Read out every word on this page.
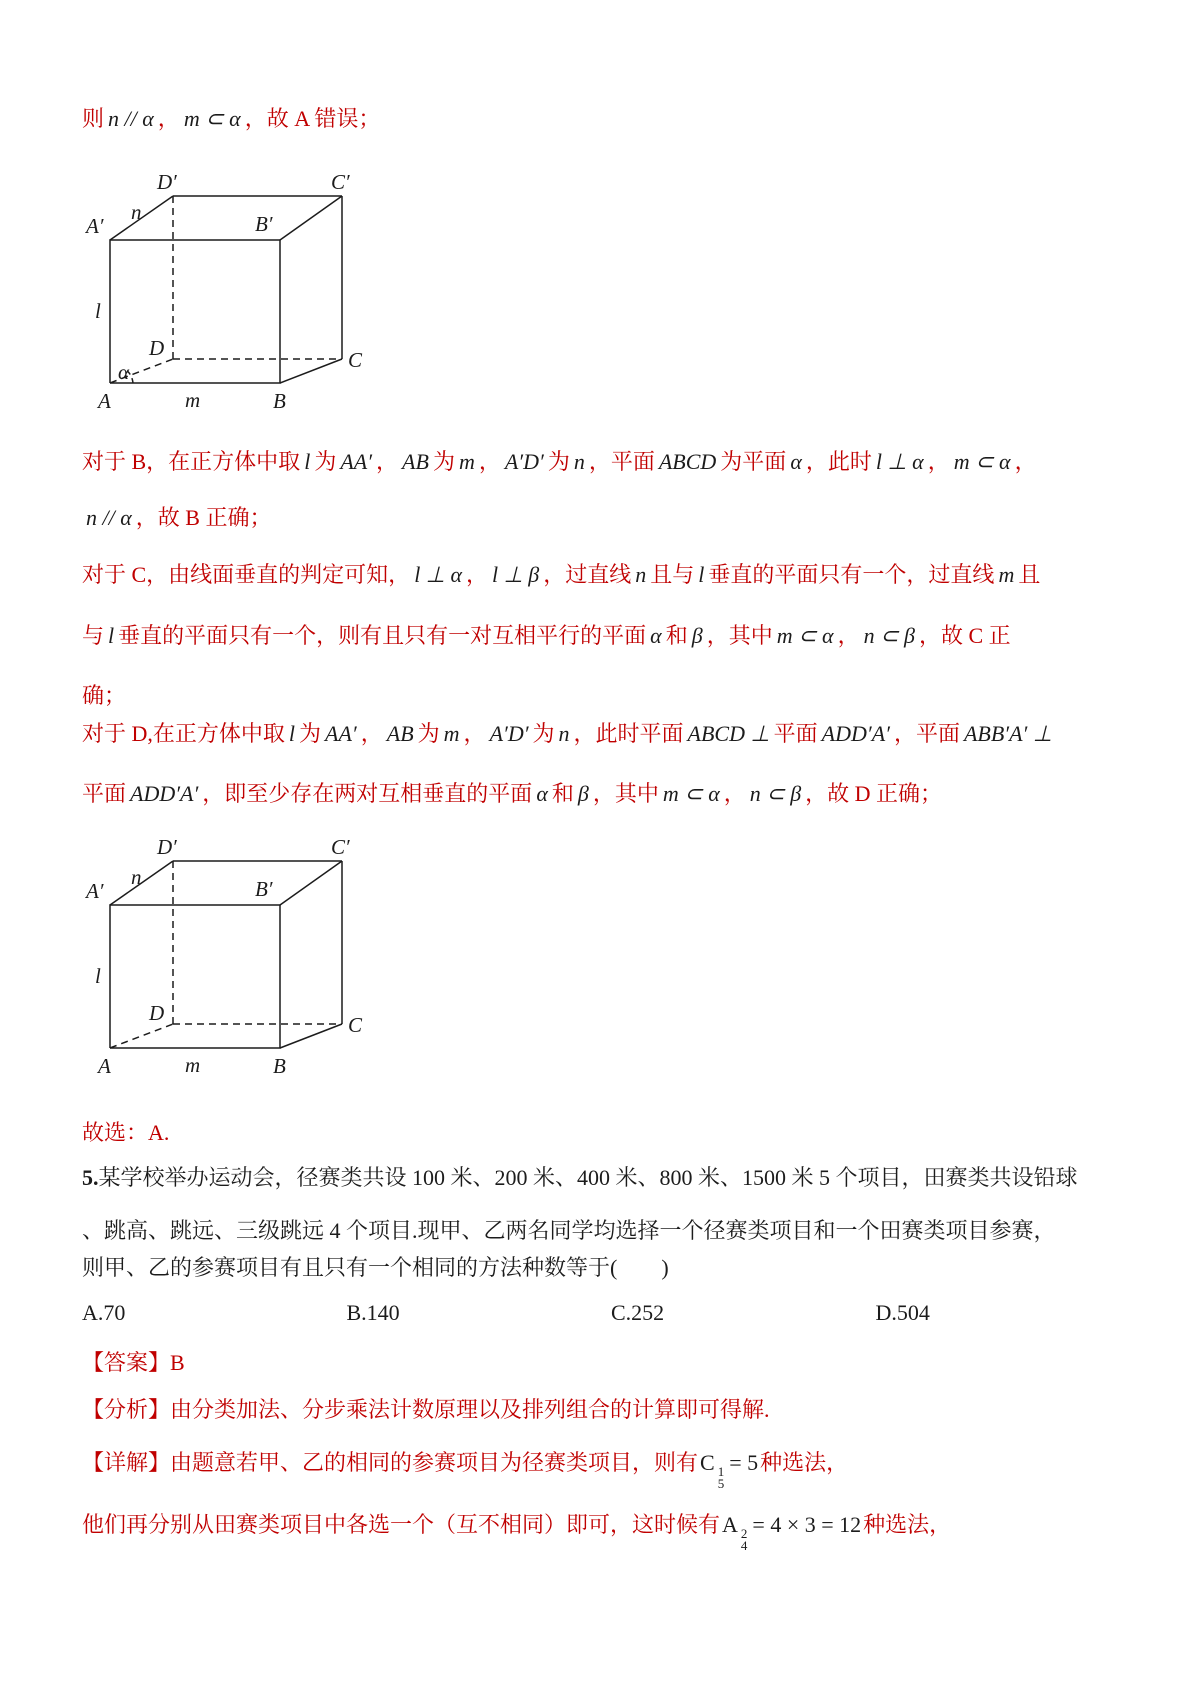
则 n // α ， m ⊂ α ，故 A 错误；
D′	C′
A′	B′
n
l
D	C
A	m	B
α
对于 B，在正方体中取 l 为 AA′ ， AB 为 m ， A′D′ 为 n ，平面 ABCD 为平面 α ，此时 l ⊥ α ， m ⊂ α ，
n // α ，故 B 正确；
对于 C，由线面垂直的判定可知， l ⊥ α ， l ⊥ β ，过直线 n 且与 l 垂直的平面只有一个，过直线 m 且
与 l 垂直的平面只有一个，则有且只有一对互相平行的平面 α 和 β ，其中 m ⊂ α ， n ⊂ β ，故 C 正
确；
对于 D,在正方体中取 l 为 AA′ ， AB 为 m ， A′D′ 为 n ，此时平面 ABCD ⊥ 平面 ADD′A′ ，平面 ABB′A′ ⊥
平面 ADD′A′ ，即至少存在两对互相垂直的平面 α 和 β ，其中 m ⊂ α ， n ⊂ β ，故 D 正确；
D′	C′
A′	B′
n
l
D	C
A	m	B
故选：A.
5.某学校举办运动会，径赛类共设 100 米、200 米、400 米、800 米、1500 米 5 个项目，田赛类共设铅球
、跳高、跳远、三级跳远 4 个项目.现甲、乙两名同学均选择一个径赛类项目和一个田赛类项目参赛，
则甲、乙的参赛项目有且只有一个相同的方法种数等于(　　)
A.70	B.140	C.252	D.504
【答案】B
【分析】由分类加法、分步乘法计数原理以及排列组合的计算即可得解.
【详解】由题意若甲、乙的相同的参赛项目为径赛类项目，则有C 1
5
= 5种选法，
他们再分别从田赛类项目中各选一个（互不相同）即可，这时候有A 2
4
= 4 × 3 = 12种选法，
